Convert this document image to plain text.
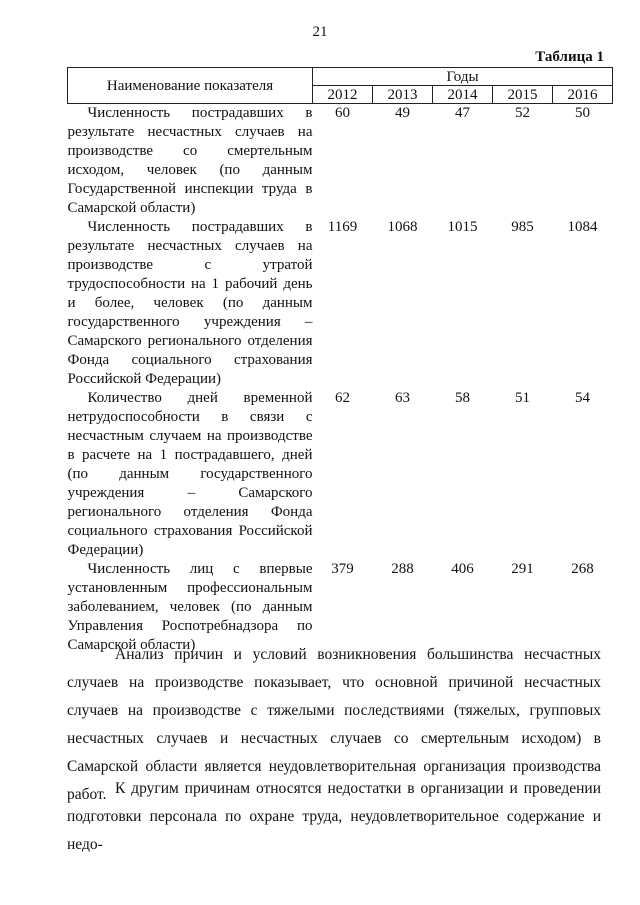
21
Таблица 1
Наименование показателя	Годы				
	2012	2013	2014	2015	2016

Численность пострадавших в результате несчастных случаев на производстве со смертельным исходом, человек (по данным Государственной инспекции труда в Самарской области)	60	49	47	52	50

Численность пострадавших в результате несчастных случаев на производстве с утратой трудоспособности на 1 рабочий день и более, человек (по данным государственного учреждения – Самарского регионального отделения Фонда социального страхования Российской Федерации)	1169	1068	1015	985	1084

Количество дней временной нетрудоспособности в связи с несчастным случаем на производстве в расчете на 1 пострадавшего, дней (по данным государственного учреждения – Самарского регионального отделения Фонда социального страхования Российской Федерации)	62	63	58	51	54

Численность лиц с впервые установленным профессиональным заболеванием, человек (по данным Управления Роспотребнадзора по Самарской области)	379	288	406	291	268

Анализ причин и условий возникновения большинства несчастных случаев на производстве показывает, что основной причиной несчастных случаев на производстве с тяжелыми последствиями (тяжелых, групповых несчастных случаев и несчастных случаев со смертельным исходом) в Самарской области является неудовлетворительная организация производства работ. К другим причинам относятся недостатки в организации и проведении подготовки персонала по охране труда, неудовлетворительное содержание и недо-
